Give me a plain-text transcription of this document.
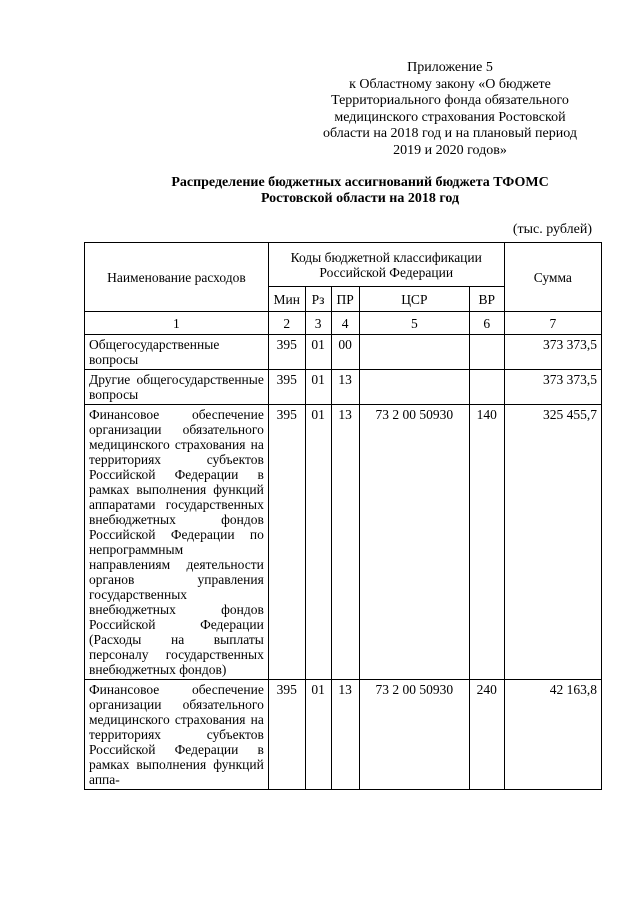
Приложение 5
к Областному закону «О бюджете
Территориального фонда обязательного
медицинского страхования Ростовской
области на 2018 год и на плановый период
2019 и 2020 годов»
Распределение бюджетных ассигнований бюджета ТФОМС
Ростовской области на 2018 год
(тыс. рублей)
Наименование расходов	Коды бюджетной классификации Российской Федерации					Сумма
	Мин	Рз	ПР	ЦСР	ВР	
1	2	3	4	5	6	7
Общегосударственные вопросы	395	01	00			373 373,5
Другие общегосударственные вопросы	395	01	13			373 373,5
Финансовое обеспечение организации обязательного медицинского страхования на территориях субъектов Российской Федерации в рамках выполнения функций аппаратами государственных внебюджетных фондов Российской Федерации по непрограммным направлениям деятельности органов управления государственных внебюджетных фондов Российской Федерации (Расходы на выплаты персоналу государственных внебюджетных фондов)	395	01	13	73 2 00 50930	140	325 455,7
Финансовое обеспечение организации обязательного медицинского страхования на территориях субъектов Российской Федерации в рамках выполнения функций аппа-	395	01	13	73 2 00 50930	240	42 163,8
